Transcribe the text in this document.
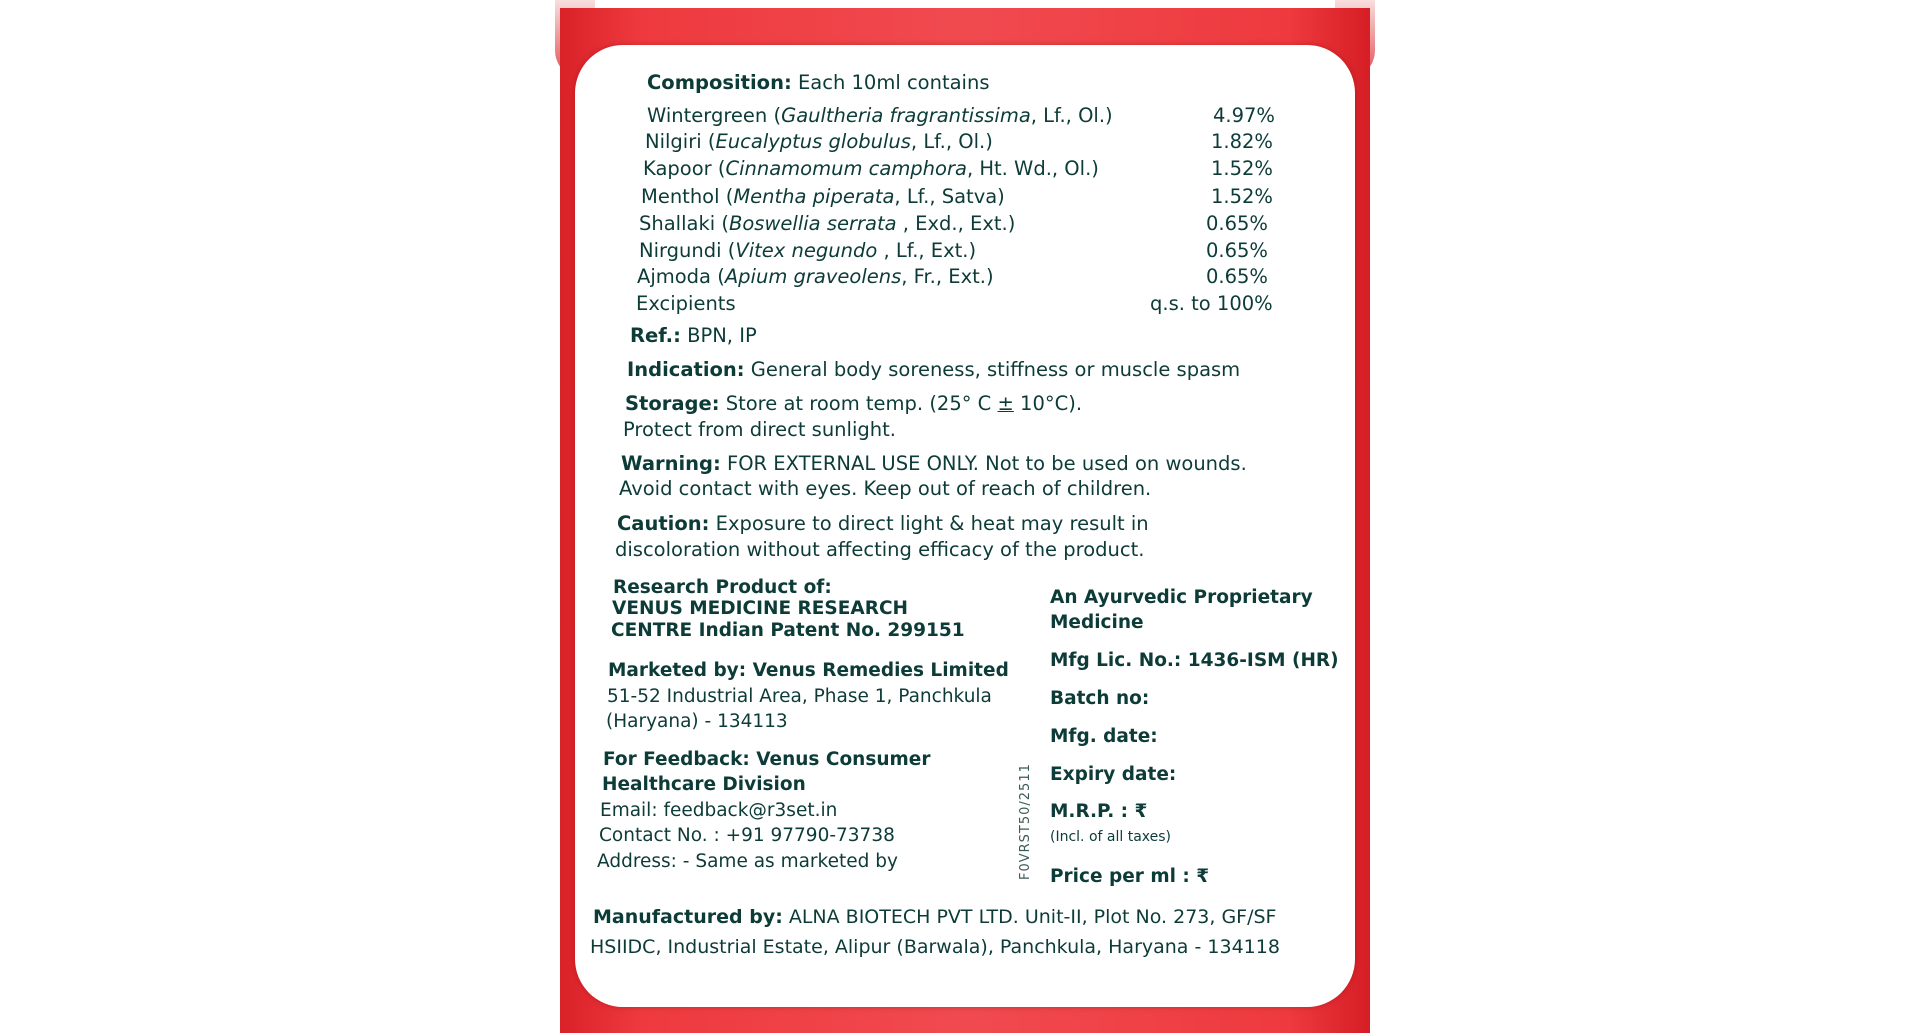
Composition: Each 10ml contains
Wintergreen (Gaultheria fragrantissima, Lf., Ol.)	4.97%
Nilgiri (Eucalyptus globulus, Lf., Ol.)	1.82%
Kapoor (Cinnamomum camphora, Ht. Wd., Ol.)	1.52%
Menthol (Mentha piperata, Lf., Satva)	1.52%
Shallaki (Boswellia serrata , Exd., Ext.)	0.65%
Nirgundi (Vitex negundo , Lf., Ext.)	0.65%
Ajmoda (Apium graveolens, Fr., Ext.)	0.65%
Excipients	q.s. to 100%
Ref.: BPN, IP
Indication: General body soreness, stiffness or muscle spasm
Storage: Store at room temp. (25° C ± 10°C).
Protect from direct sunlight.
Warning: FOR EXTERNAL USE ONLY. Not to be used on wounds.
Avoid contact with eyes. Keep out of reach of children.
Caution: Exposure to direct light & heat may result in
discoloration without affecting efficacy of the product.
Research Product of:
VENUS MEDICINE RESEARCH
CENTRE Indian Patent No. 299151
Marketed by: Venus Remedies Limited
51-52 Industrial Area, Phase 1, Panchkula
(Haryana) - 134113
For Feedback: Venus Consumer
Healthcare Division
Email: feedback@r3set.in
Contact No. : +91 97790-73738
Address: - Same as marketed by	F0VRST50/2511
An Ayurvedic Proprietary
Medicine
Mfg Lic. No.: 1436-ISM (HR)
Batch no:
Mfg. date:
Expiry date:
M.R.P. : ₹
(Incl. of all taxes)
Price per ml : ₹
Manufactured by: ALNA BIOTECH PVT LTD. Unit-II, Plot No. 273, GF/SF
HSIIDC, Industrial Estate, Alipur (Barwala), Panchkula, Haryana - 134118
